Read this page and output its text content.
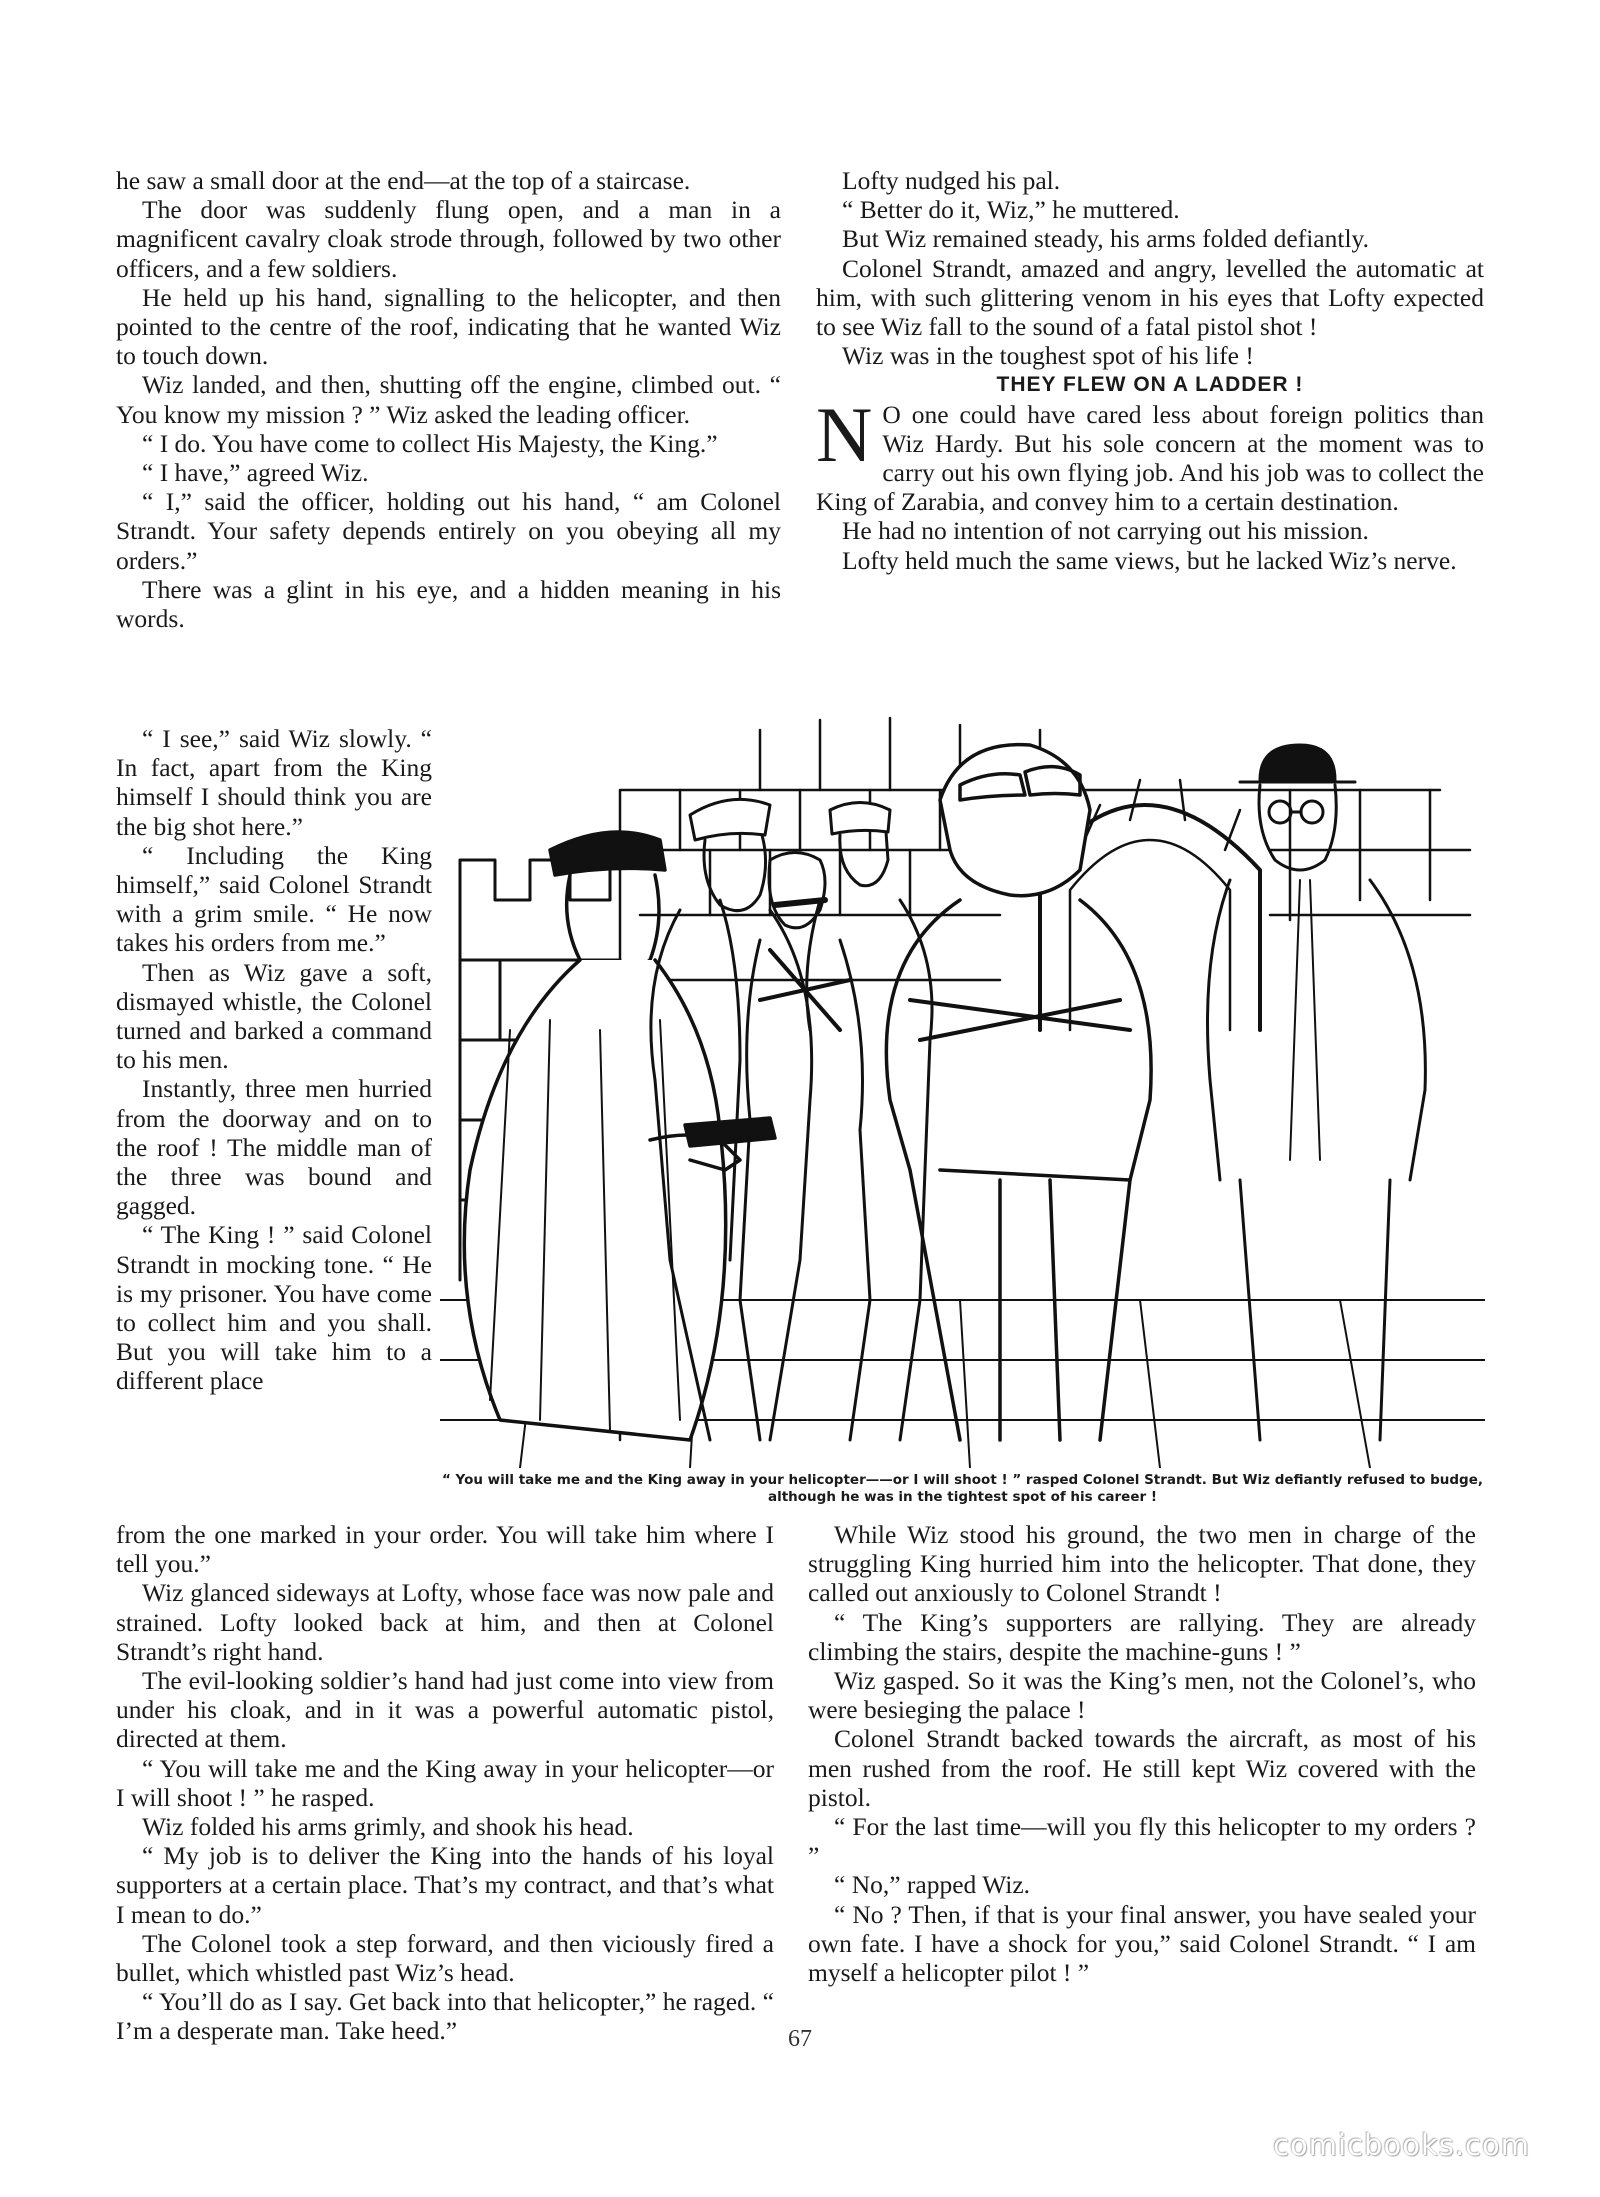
he saw a small door at the end—at the top of a staircase.

The door was suddenly flung open, and a man in a magnificent cavalry cloak strode through, followed by two other officers, and a few soldiers.

He held up his hand, signalling to the helicopter, and then pointed to the centre of the roof, indicating that he wanted Wiz to touch down.

Wiz landed, and then, shutting off the engine, climbed out. “ You know my mission ? ” Wiz asked the leading officer.

“ I do. You have come to collect His Majesty, the King.”

“ I have,” agreed Wiz.

“ I,” said the officer, holding out his hand, “ am Colonel Strandt. Your safety depends entirely on you obeying all my orders.”

There was a glint in his eye, and a hidden meaning in his words.

“ I see,” said Wiz slowly. “ In fact, apart from the King himself I should think you are the big shot here.”

“ Including the King himself,” said Colonel Strandt with a grim smile. “ He now takes his orders from me.”

Then as Wiz gave a soft, dismayed whistle, the Colonel turned and barked a command to his men.

Instantly, three men hurried from the doorway and on to the roof ! The middle man of the three was bound and gagged.

“ The King ! ” said Colonel Strandt in mocking tone. “ He is my prisoner. You have come to collect him and you shall. But you will take him to a different place

from the one marked in your order. You will take him where I tell you.”

Wiz glanced sideways at Lofty, whose face was now pale and strained. Lofty looked back at him, and then at Colonel Strandt’s right hand.

The evil-looking soldier’s hand had just come into view from under his cloak, and in it was a powerful automatic pistol, directed at them.

“ You will take me and the King away in your helicopter—or I will shoot ! ” he rasped.

Wiz folded his arms grimly, and shook his head.

“ My job is to deliver the King into the hands of his loyal supporters at a certain place. That’s my contract, and that’s what I mean to do.”

The Colonel took a step forward, and then viciously fired a bullet, which whistled past Wiz’s head.

“ You’ll do as I say. Get back into that helicopter,” he raged. “ I’m a desperate man. Take heed.”

Lofty nudged his pal.

“ Better do it, Wiz,” he muttered.

But Wiz remained steady, his arms folded defiantly.

Colonel Strandt, amazed and angry, levelled the automatic at him, with such glittering venom in his eyes that Lofty expected to see Wiz fall to the sound of a fatal pistol shot !

Wiz was in the toughest spot of his life !

THEY FLEW ON A LADDER !

N O one could have cared less about foreign politics than Wiz Hardy. But his sole concern at the moment was to carry out his own flying job. And his job was to collect the King of Zarabia, and convey him to a certain destination.

He had no intention of not carrying out his mission.

Lofty held much the same views, but he lacked Wiz’s nerve.

“ You will take me and the King away in your helicopter——or I will shoot ! ” rasped Colonel Strandt. But Wiz defiantly refused to budge, although he was in the tightest spot of his career !

While Wiz stood his ground, the two men in charge of the struggling King hurried him into the helicopter. That done, they called out anxiously to Colonel Strandt !

“ The King’s supporters are rallying. They are already climbing the stairs, despite the machine-guns ! ”

Wiz gasped. So it was the King’s men, not the Colonel’s, who were besieging the palace !

Colonel Strandt backed towards the aircraft, as most of his men rushed from the roof. He still kept Wiz covered with the pistol.

“ For the last time—will you fly this helicopter to my orders ? ”

“ No,” rapped Wiz.

“ No ? Then, if that is your final answer, you have sealed your own fate. I have a shock for you,” said Colonel Strandt. “ I am myself a helicopter pilot ! ”

67
comicbooks.com
